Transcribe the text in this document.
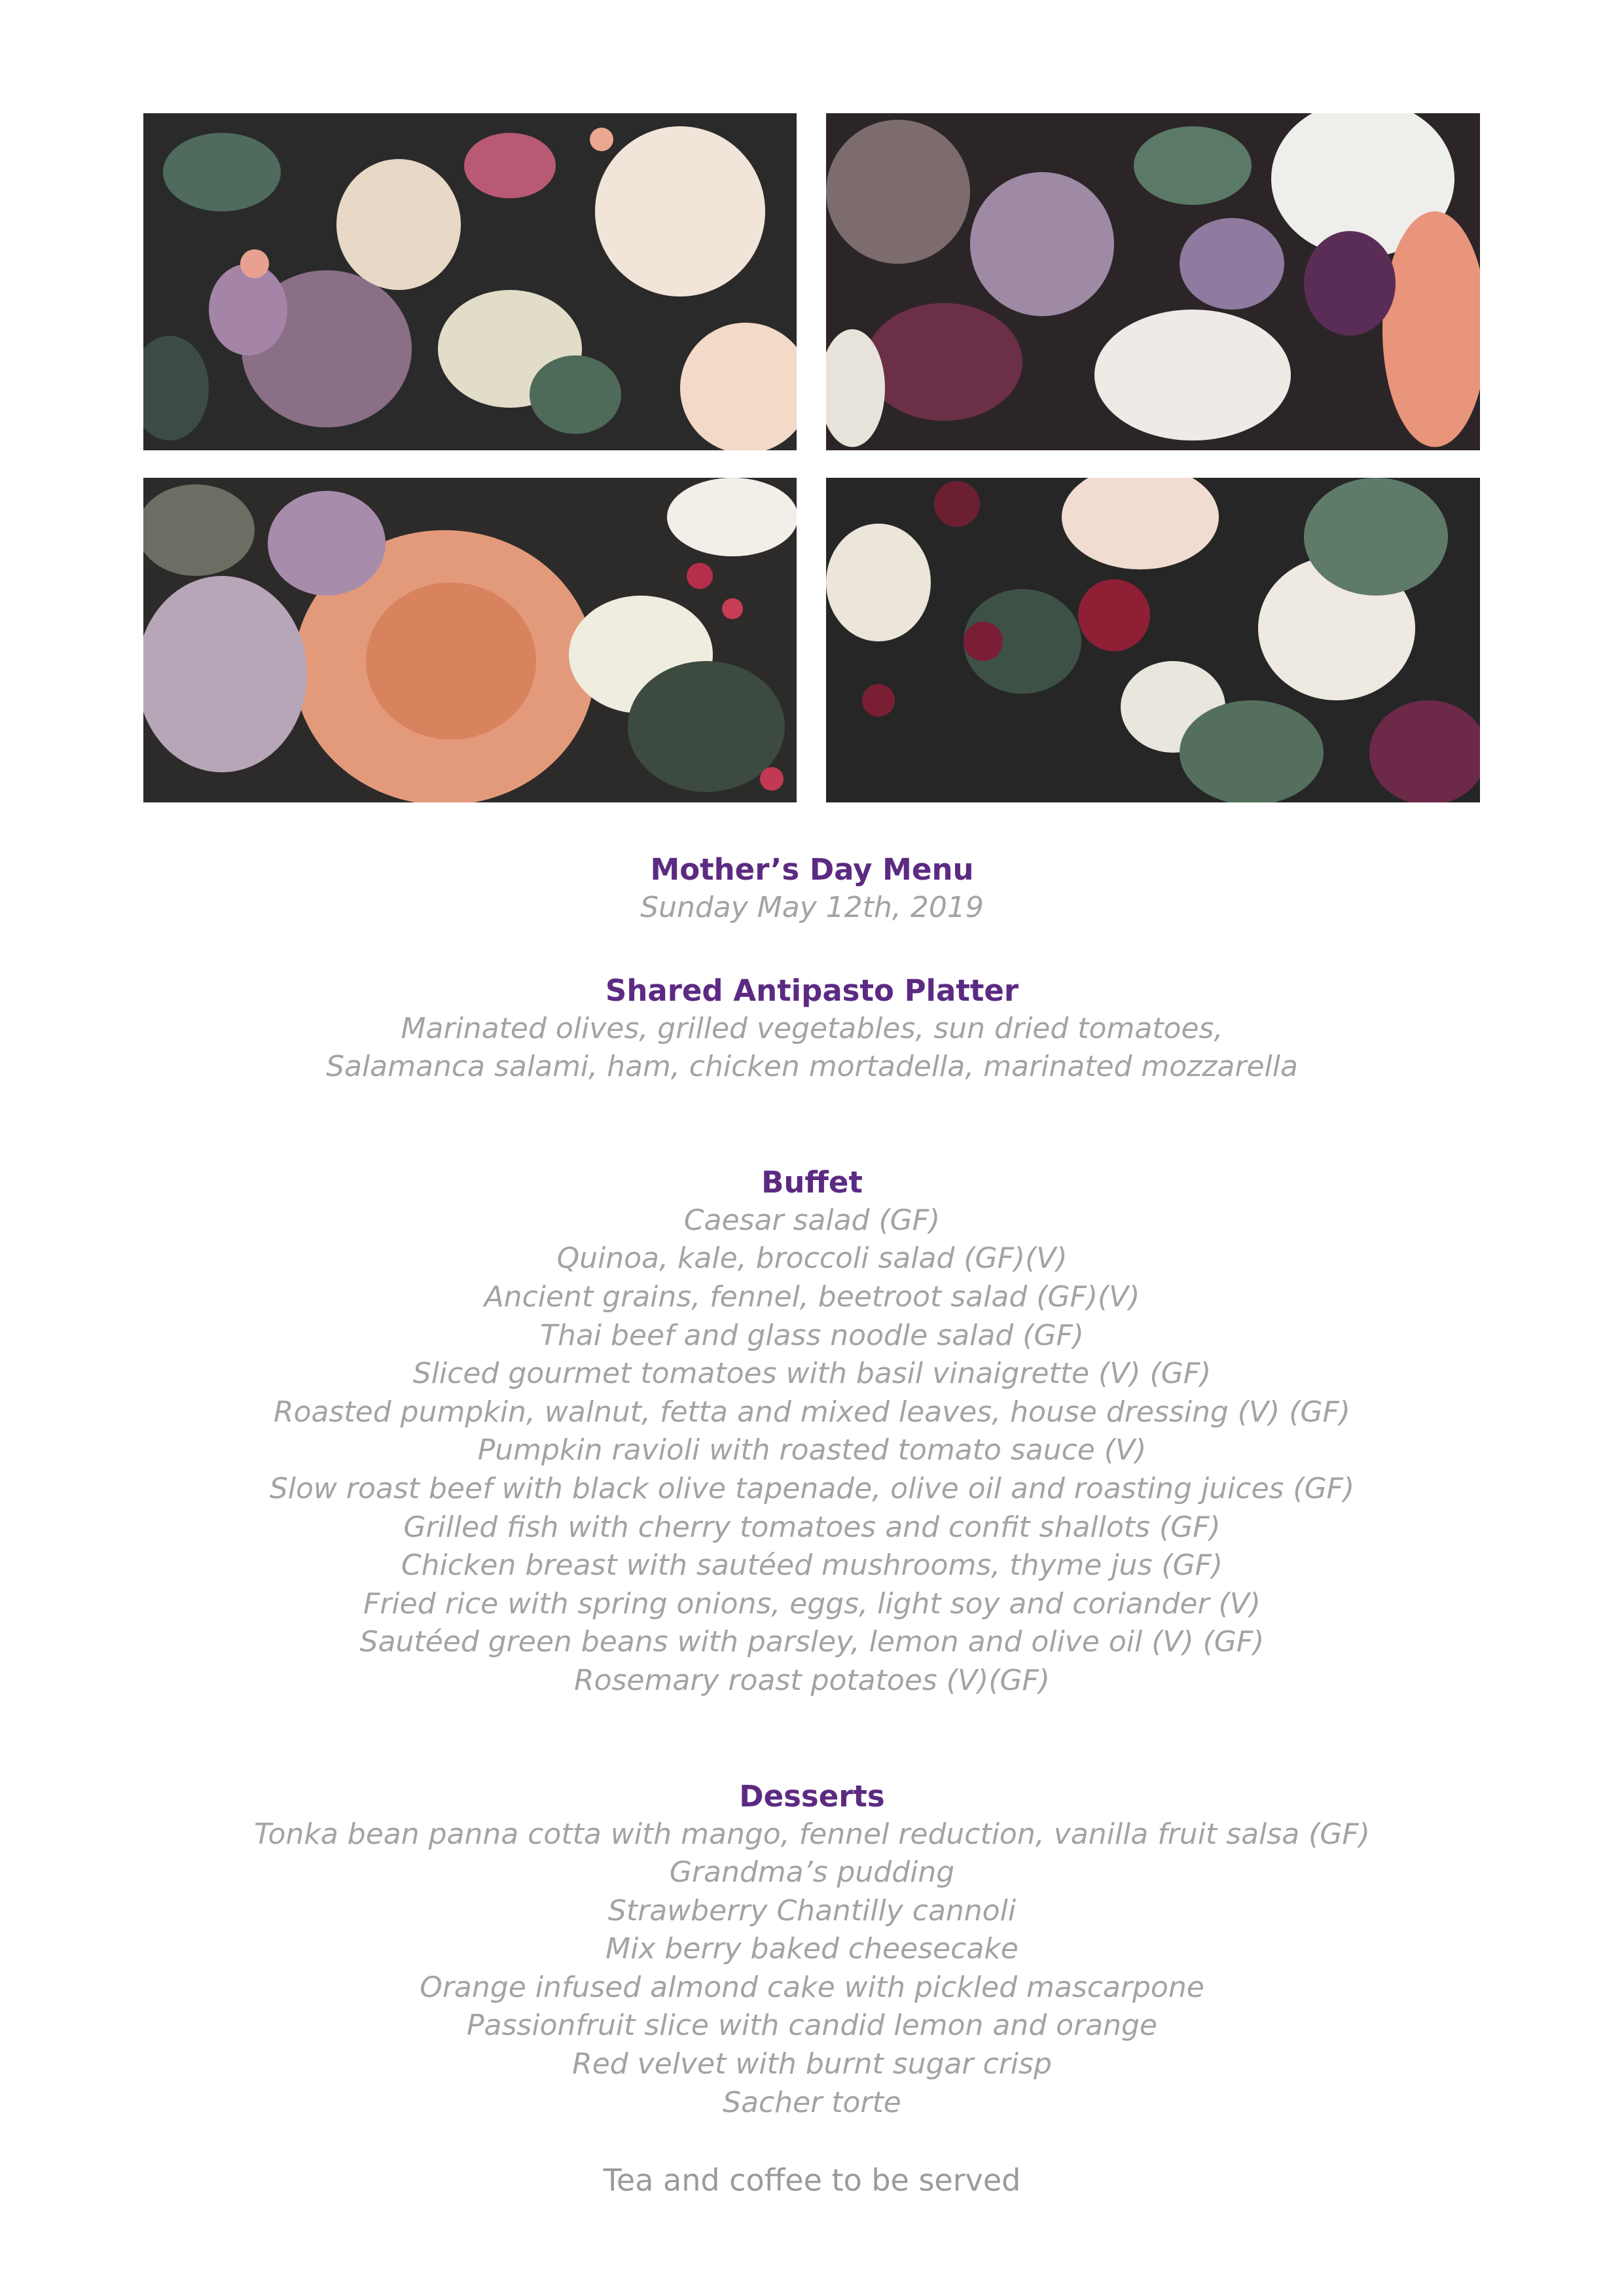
Mother’s Day Menu

Sunday May 12th, 2019

Shared Antipasto Platter

Marinated olives, grilled vegetables, sun dried tomatoes,

Salamanca salami, ham, chicken mortadella, marinated mozzarella

Buffet

Caesar salad (GF)

Quinoa, kale, broccoli salad (GF)(V)

Ancient grains, fennel, beetroot salad (GF)(V)

Thai beef and glass noodle salad (GF)

Sliced gourmet tomatoes with basil vinaigrette (V) (GF)

Roasted pumpkin, walnut, fetta and mixed leaves, house dressing (V) (GF)

Pumpkin ravioli with roasted tomato sauce (V)

Slow roast beef with black olive tapenade, olive oil and roasting juices (GF)

Grilled fish with cherry tomatoes and confit shallots (GF)

Chicken breast with sautéed mushrooms, thyme jus (GF)

Fried rice with spring onions, eggs, light soy and coriander (V)

Sautéed green beans with parsley, lemon and olive oil (V) (GF)

Rosemary roast potatoes (V)(GF)

Desserts

Tonka bean panna cotta with mango, fennel reduction, vanilla fruit salsa (GF)

Grandma’s pudding

Strawberry Chantilly cannoli

Mix berry baked cheesecake

Orange infused almond cake with pickled mascarpone

Passionfruit slice with candid lemon and orange

Red velvet with burnt sugar crisp

Sacher torte

Tea and coffee to be served
